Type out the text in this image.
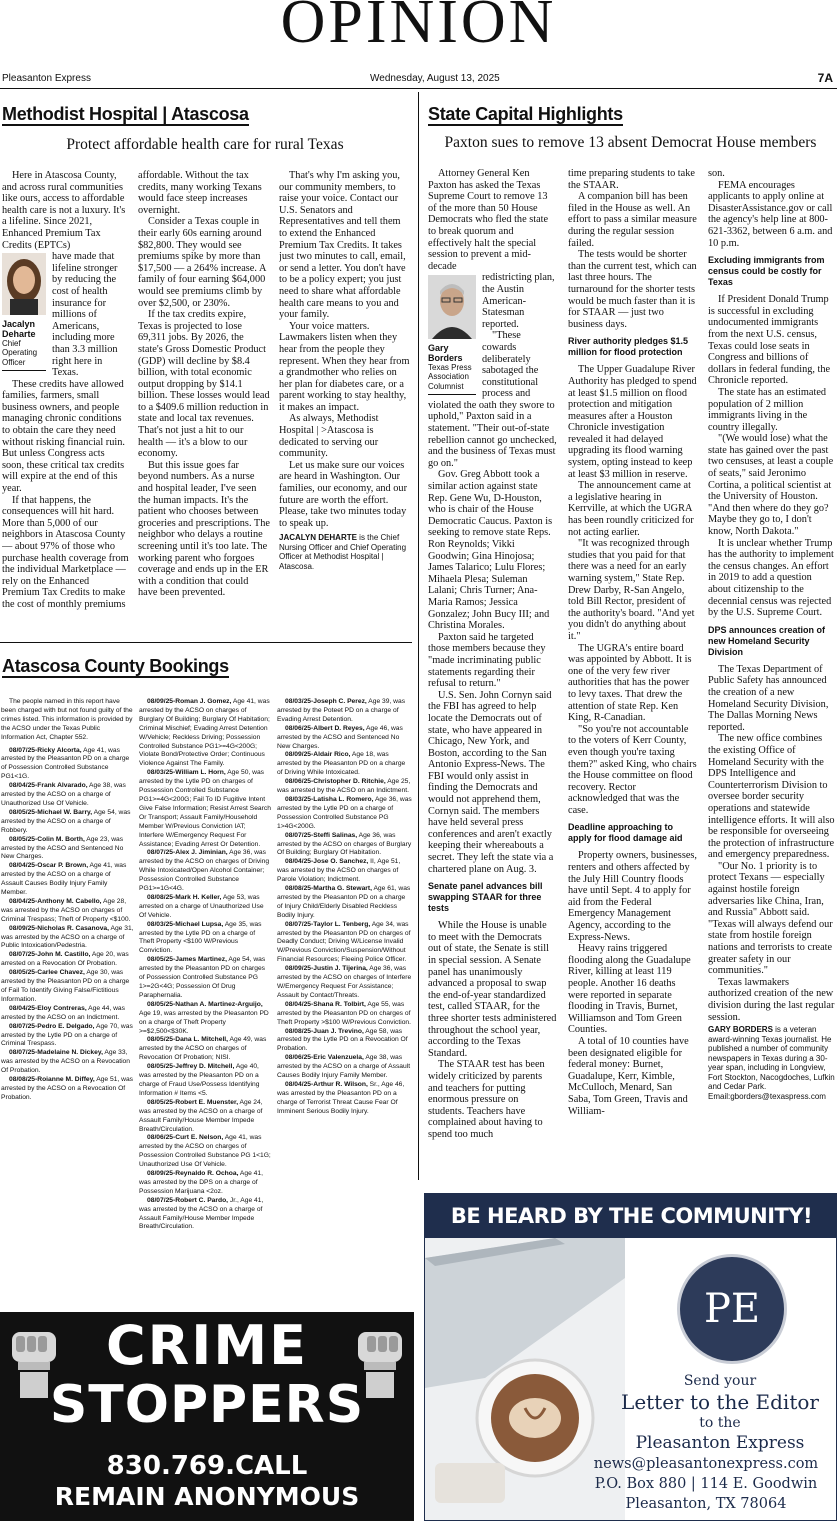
OPINION
Pleasanton Express	Wednesday, August 13, 2025	7A
Methodist Hospital | Atascosa
Protect affordable health care for rural Texas

Here in Atascosa County, and across rural communities like ours, access to affordable health care is not a luxury. It's a lifeline. Since 2021, Enhanced Premium Tax Credits (EPTCs)

Jacalyn Deharte
Chief Operating Officer

have made that lifeline stronger by reducing the cost of health insurance for millions of Americans, including more than 3.3 million right here in Texas.

These credits have allowed families, farmers, small business owners, and people managing chronic conditions to obtain the care they need without risking financial ruin. But unless Congress acts soon, these critical tax credits will expire at the end of this year.

If that happens, the consequences will hit hard. More than 5,000 of our neighbors in Atascosa County — about 97% of those who purchase health coverage from the individual Marketplace — rely on the Enhanced Premium Tax Credits to make the cost of monthly premiums

affordable. Without the tax credits, many working Texans would face steep increases overnight.

Consider a Texas couple in their early 60s earning around $82,800. They would see premiums spike by more than $17,500 — a 264% increase. A family of four earning $64,000 would see premiums climb by over $2,500, or 230%.

If the tax credits expire, Texas is projected to lose 69,311 jobs. By 2026, the state's Gross Domestic Product (GDP) will decline by $8.4 billion, with total economic output dropping by $14.1 billion. These losses would lead to a $409.6 million reduction in state and local tax revenues. That's not just a hit to our health — it's a blow to our economy.

But this issue goes far beyond numbers. As a nurse and hospital leader, I've seen the human impacts. It's the patient who chooses between groceries and prescriptions. The neighbor who delays a routine screening until it's too late. The working parent who forgoes coverage and ends up in the ER with a condition that could have been prevented.

That's why I'm asking you, our community members, to raise your voice. Contact our U.S. Senators and Representatives and tell them to extend the Enhanced Premium Tax Credits. It takes just two minutes to call, email, or send a letter. You don't have to be a policy expert; you just need to share what affordable health care means to you and your family.

Your voice matters. Lawmakers listen when they hear from the people they represent. When they hear from a grandmother who relies on her plan for diabetes care, or a parent working to stay healthy, it makes an impact.

As always, Methodist Hospital | >Atascosa is dedicated to serving our community.

Let us make sure our voices are heard in Washington. Our families, our economy, and our future are worth the effort. Please, take two minutes today to speak up.

JACALYN DEHARTE is the Chief Nursing Officer and Chief Operating Officer at Methodist Hospital | Atascosa.

Atascosa County Bookings

The people named in this report have been charged with but not found guilty of the crimes listed. This information is provided by the ACSO under the Texas Public Information Act, Chapter 552.

08/07/25-Ricky Alcorta, Age 41, was arrested by the Pleasanton PD on a charge of Possession Controlled Substance PG1<1G.

08/04/25-Frank Alvarado, Age 38, was arrested by the ACSO on a charge of Unauthorized Use Of Vehicle.

08/05/25-Michael W. Barry, Age 54, was arrested by the ACSO on a charge of Robbery.

08/05/25-Colin M. Borth, Age 23, was arrested by the ACSO and Sentenced No New Charges.

08/04/25-Oscar P. Brown, Age 41, was arrested by the ACSO on a charge of Assault Causes Bodily Injury Family Member.

08/04/25-Anthony M. Cabello, Age 28, was arrested by the ACSO on charges of Criminal Trespass; Theft of Property <$100.

08/09/25-Nicholas R. Casanova, Age 31, was arrested by the ACSO on a charge of Public Intoxication/Pedestria.

08/07/25-John M. Castillo, Age 20, was arrested on a Revocation Of Probation.

08/05/25-Carlee Chavez, Age 30, was arrested by the Pleasanton PD on a charge of Fail To Identify Giving False/Fictitious Information.

08/04/25-Eloy Contreras, Age 44, was arrested by the ACSO on an Indictment.

08/07/25-Pedro E. Delgado, Age 70, was arrested by the Lytle PD on a charge of Criminal Trespass.

08/07/25-Madelaine N. Dickey, Age 33, was arrested by the ACSO on a Revocation Of Probation.

08/08/25-Roianne M. Diffey, Age 51, was arrested by the ACSO on a Revocation Of Probation.

08/09/25-Roman J. Gomez, Age 41, was arrested by the ACSO on charges of Burglary Of Building; Burglary Of Habitation; Criminal Mischief; Evading Arrest Detention W/Vehicle; Reckless Driving; Possession Controlled Substance PG1>=4G<200G; Violate Bond/Protective Order; Continuous Violence Against The Family.

08/03/25-William L. Horn, Age 50, was arrested by the Lytle PD on charges of Possession Controlled Substance PG1>=4G<200G; Fail To ID Fugitive Intent Give False Information; Resist Arrest Search Or Transport; Assault Family/Household Member W/Previous Conviction IAT; Interfere W/Emergency Request For Assistance; Evading Arrest Or Detention.

08/07/25-Alex J. Jiminian, Age 36, was arrested by the ACSO on charges of Driving While Intoxicated/Open Alcohol Container; Possession Controlled Substance PG1>=1G<4G.

08/08/25-Mark H. Keller, Age 53, was arrested on a charge of Unauthorized Use Of Vehicle.

08/03/25-Michael Lupsa, Age 35, was arrested by the Lytle PD on a charge of Theft Property <$100 W/Previous Conviction.

08/05/25-James Martinez, Age 54, was arrested by the Pleasanton PD on charges of Possession Controlled Substance PG 1>=2G<4G; Possession Of Drug Paraphernalia.

08/05/25-Nathan A. Martinez-Arguijo, Age 19, was arrested by the Pleasanton PD on a charge of Theft Property >=$2,500<$30K.

08/05/25-Dana L. Mitchell, Age 49, was arrested by the ACSO on charges of Revocation Of Probation; NISI.

08/05/25-Jeffrey D. Mitchell, Age 40, was arrested by the Pleasanton PD on a charge of Fraud Use/Possess Identifying Information # Items <5.

08/05/25-Robert E. Muenster, Age 24, was arrested by the ACSO on a charge of Assault Family/House Member Impede Breath/Circulation.

08/06/25-Curt E. Nelson, Age 41, was arrested by the ACSO on charges of Possession Controlled Substance PG 1<1G; Unauthorized Use Of Vehicle.

08/09/25-Reynaldo R. Ochoa, Age 41, was arrested by the DPS on a charge of Possession Marijuana <2oz.

08/07/25-Robert C. Pardo, Jr., Age 41, was arrested by the ACSO on a charge of Assault Family/House Member Impede Breath/Circulation.

08/03/25-Joseph C. Perez, Age 39, was arrested by the Poteet PD on a charge of Evading Arrest Detention.

08/06/25-Albert D. Reyes, Age 46, was arrested by the ACSO and Sentenced No New Charges.

08/09/25-Aldair Rico, Age 18, was arrested by the Pleasanton PD on a charge of Driving While Intoxicated.

08/06/25-Christopher D. Ritchie, Age 25, was arrested by the ACSO on an Indictment.

08/03/25-Latisha L. Romero, Age 36, was arrested by the Lytle PD on a charge of Possession Controlled Substance PG 1>4G<200G.

08/07/25-Steffi Salinas, Age 36, was arrested by the ACSO on charges of Burglary Of Building; Burglary Of Habitation.

08/04/25-Jose O. Sanchez, II, Age 51, was arrested by the ACSO on charges of Parole Violation; Indictment.

08/08/25-Martha G. Stewart, Age 61, was arrested by the Pleasanton PD on a charge of Injury Child/Elderly Disabled Reckless Bodily Injury.

08/07/25-Taylor L. Tenberg, Age 34, was arrested by the Pleasanton PD on charges of Deadly Conduct; Driving W/License Invalid W/Previous Conviction/Suspension/Without Financial Resources; Fleeing Police Officer.

08/09/25-Justin J. Tijerina, Age 36, was arrested by the ACSO on charges of Interfere W/Emergency Request For Assistance; Assault by Contact/Threats.

08/04/25-Shana R. Tolbirt, Age 55, was arrested by the Pleasanton PD on charges of Theft Property >$100 W/Previous Conviction.

08/08/25-Juan J. Trevino, Age 58, was arrested by the Lytle PD on a Revocation Of Probation.

08/06/25-Eric Valenzuela, Age 38, was arrested by the ACSO on a charge of Assault Causes Bodily Injury Family Member.

08/04/25-Arthur R. Wilson, Sr., Age 46, was arrested by the Pleasanton PD on a charge of Terrorist Threat Cause Fear Of Imminent Serious Bodily Injury.

State Capital Highlights
Paxton sues to remove 13 absent Democrat House members

Attorney General Ken Paxton has asked the Texas Supreme Court to remove 13 of the more than 50 House Democrats who fled the state to break quorum and effectively halt the special session to prevent a mid-decade

Gary Borders
Texas Press Association Columnist

redistricting plan, the Austin American-Statesman reported.

"These cowards deliberately sabotaged the constitutional process and violated the oath they swore to uphold," Paxton said in a statement. "Their out-of-state rebellion cannot go unchecked, and the business of Texas must go on."

Gov. Greg Abbott took a similar action against state Rep. Gene Wu, D-Houston, who is chair of the House Democratic Caucus. Paxton is seeking to remove state Reps. Ron Reynolds; Vikki Goodwin; Gina Hinojosa; James Talarico; Lulu Flores; Mihaela Plesa; Suleman Lalani; Chris Turner; Ana-Maria Ramos; Jessica Gonzalez; John Bucy III; and Christina Morales.

Paxton said he targeted those members because they "made incriminating public statements regarding their refusal to return."

U.S. Sen. John Cornyn said the FBI has agreed to help locate the Democrats out of state, who have appeared in Chicago, New York, and Boston, according to the San Antonio Express-News. The FBI would only assist in finding the Democrats and would not apprehend them, Cornyn said. The members have held several press conferences and aren't exactly keeping their whereabouts a secret. They left the state via a chartered plane on Aug. 3.

Senate panel advances bill swapping STAAR for three tests

While the House is unable to meet with the Democrats out of state, the Senate is still in special session. A Senate panel has unanimously advanced a proposal to swap the end-of-year standardized test, called STAAR, for the three shorter tests administered throughout the school year, according to the Texas Standard.

The STAAR test has been widely criticized by parents and teachers for putting enormous pressure on students. Teachers have complained about having to spend too much

time preparing students to take the STAAR.

A companion bill has been filed in the House as well. An effort to pass a similar measure during the regular session failed.

The tests would be shorter than the current test, which can last three hours. The turnaround for the shorter tests would be much faster than it is for STAAR — just two business days.

River authority pledges $1.5 million for flood protection

The Upper Guadalupe River Authority has pledged to spend at least $1.5 million on flood protection and mitigation measures after a Houston Chronicle investigation revealed it had delayed upgrading its flood warning system, opting instead to keep at least $3 million in reserve.

The announcement came at a legislative hearing in Kerrville, at which the UGRA has been roundly criticized for not acting earlier.

"It was recognized through studies that you paid for that there was a need for an early warning system," State Rep. Drew Darby, R-San Angelo, told Bill Rector, president of the authority's board. "And yet you didn't do anything about it."

The UGRA's entire board was appointed by Abbott. It is one of the very few river authorities that has the power to levy taxes. That drew the attention of state Rep. Ken King, R-Canadian.

"So you're not accountable to the voters of Kerr County, even though you're taxing them?" asked King, who chairs the House committee on flood recovery. Rector acknowledged that was the case.

Deadline approaching to apply for flood damage aid

Property owners, businesses, renters and others affected by the July Hill Country floods have until Sept. 4 to apply for aid from the Federal Emergency Management Agency, according to the Express-News.

Heavy rains triggered flooding along the Guadalupe River, killing at least 119 people. Another 16 deaths were reported in separate flooding in Travis, Burnet, Williamson and Tom Green Counties.

A total of 10 counties have been designated eligible for federal money: Burnet, Guadalupe, Kerr, Kimble, McCulloch, Menard, San Saba, Tom Green, Travis and William-

son.

FEMA encourages applicants to apply online at DisasterAssistance.gov or call the agency's help line at 800-621-3362, between 6 a.m. and 10 p.m.

Excluding immigrants from census could be costly for Texas

If President Donald Trump is successful in excluding undocumented immigrants from the next U.S. census, Texas could lose seats in Congress and billions of dollars in federal funding, the Chronicle reported.

The state has an estimated population of 2 million immigrants living in the country illegally.

"(We would lose) what the state has gained over the past two censuses, at least a couple of seats," said Jeronimo Cortina, a political scientist at the University of Houston. "And then where do they go? Maybe they go to, I don't know, North Dakota."

It is unclear whether Trump has the authority to implement the census changes. An effort in 2019 to add a question about citizenship to the decennial census was rejected by the U.S. Supreme Court.

DPS announces creation of new Homeland Security Division

The Texas Department of Public Safety has announced the creation of a new Homeland Security Division, The Dallas Morning News reported.

The new office combines the existing Office of Homeland Security with the DPS Intelligence and Counterterrorism Division to oversee border security operations and statewide intelligence efforts. It will also be responsible for overseeing the protection of infrastructure and emergency preparedness.

"Our No. 1 priority is to protect Texans — especially against hostile foreign adversaries like China, Iran, and Russia" Abbott said. "Texas will always defend our state from hostile foreign nations and terrorists to create greater safety in our communities."

Texas lawmakers authorized creation of the new division during the last regular session.

GARY BORDERS is a veteran award-winning Texas journalist. He published a number of community newspapers in Texas during a 30-year span, including in Longview, Fort Stockton, Nacogdoches, Lufkin and Cedar Park. Email:gborders@texaspress.com

CRIME
STOPPERS
830.769.CALL
REMAIN ANONYMOUS
BE HEARD BY THE COMMUNITY!
PE
Send your
Letter to the Editor
to the
Pleasanton Express
news@pleasantonexpress.com
P.O. Box 880 | 114 E. Goodwin
Pleasanton, TX 78064
